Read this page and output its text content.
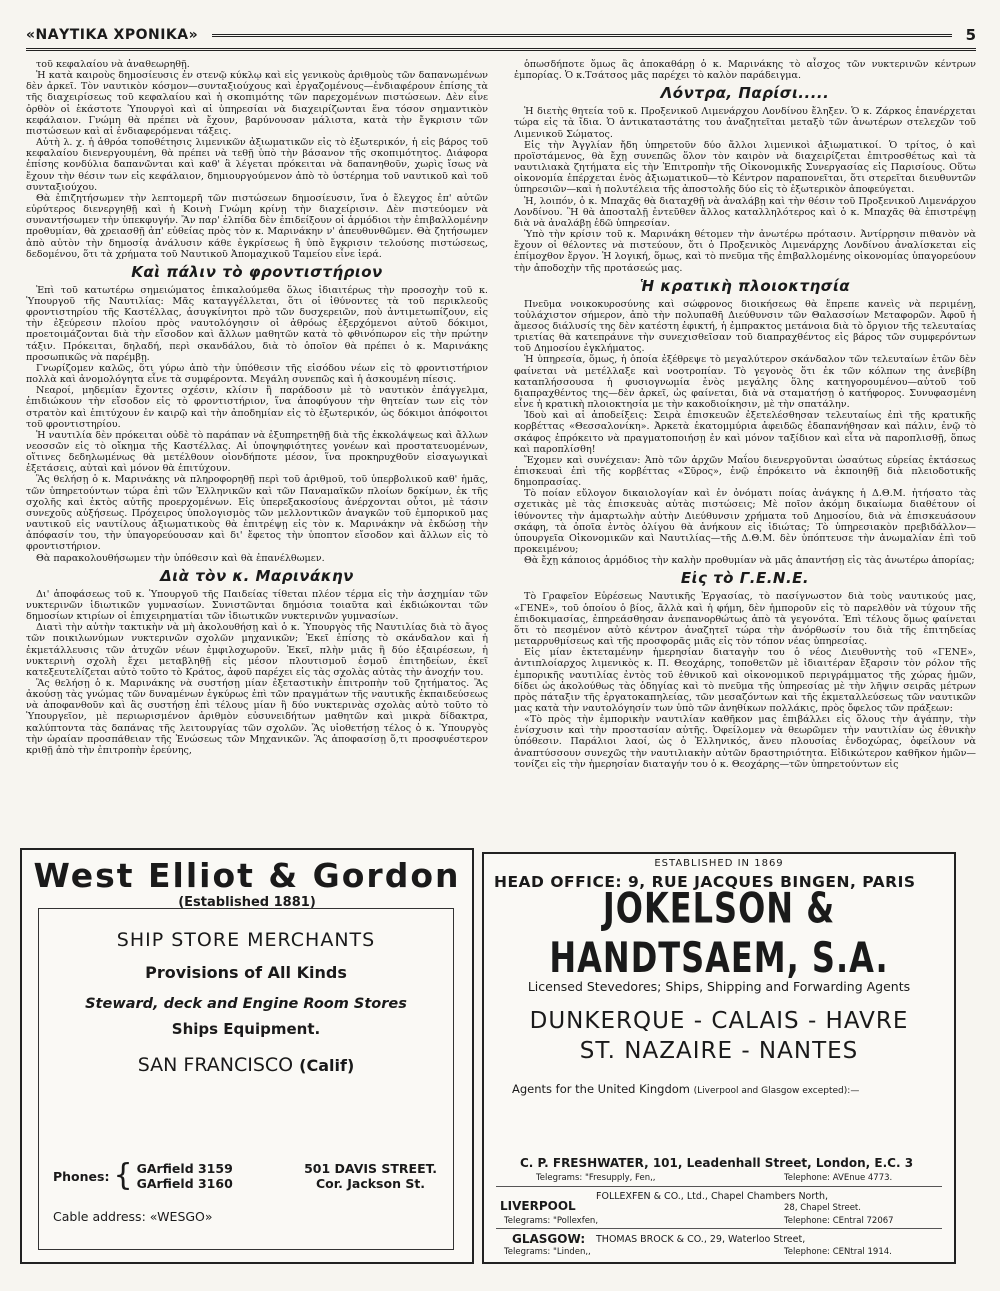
«ΝΑΥΤΙΚΑ ΧΡΟΝΙΚΑ»	5

τοῦ κεφαλαίου νὰ ἀναθεωρηθῇ.

Ἡ κατὰ καιροὺς δημοσίευσις ἐν στενῷ κύκλῳ καὶ εἰς γενικοὺς ἀριθμοὺς τῶν δαπανωμένων δὲν ἀρκεῖ. Τὸν ναυτικὸν κόσμον—συνταξιούχους καὶ ἐργαζομένους—ἐνδιαφέρουν ἐπίσης τὰ τῆς διαχειρίσεως τοῦ κεφαλαίου καὶ ἡ σκοπιμότης τῶν παρεχομένων πιστώσεων. Δὲν εἶνε ὀρθὸν οἱ ἑκάστοτε Ὑπουργοὶ καὶ αἱ ὑπηρεσίαι νὰ διαχειρίζωνται ἕνα τόσον σημαντικὸν κεφάλαιον. Γνώμη θὰ πρέπει νὰ ἔχουν, βαρύνουσαν μάλιστα, κατὰ τὴν ἔγκρισιν τῶν πιστώσεων καὶ αἱ ἐνδιαφερόμεναι τάξεις.

Αὐτὴ λ. χ. ἡ ἀθρόα τοποθέτησις λιμενικῶν ἀξιωματικῶν εἰς τὸ ἐξωτερικόν, ἡ εἰς βάρος τοῦ κεφαλαίου διενεργουμένη, θὰ πρέπει νὰ τεθῇ ὑπὸ τὴν βάσανον τῆς σκοπιμότητος. Διάφορα ἐπίσης κονδύλια δαπανῶνται καὶ καθ' ἃ λέγεται πρόκειται νὰ δαπανηθοῦν, χωρὶς ἴσως νὰ ἔχουν τὴν θέσιν των εἰς κεφάλαιον, δημιουργούμενον ἀπὸ τὸ ὑστέρημα τοῦ ναυτικοῦ καὶ τοῦ συνταξιούχου.

Θὰ ἐπιζητήσωμεν τὴν λεπτομερῆ τῶν πιστώσεων δημοσίευσιν, ἵνα ὁ ἔλεγχος ἐπ' αὐτῶν εὐρύτερος διενεργηθῇ καὶ ἡ Κοινὴ Γνώμη κρίνῃ τὴν διαχείρισιν. Δὲν πιστεύομεν νὰ συναντήσωμεν τὴν ὑπεκφυγήν. Ἂν παρ' ἐλπίδα δὲν ἐπιδείξουν οἱ ἁρμόδιοι τὴν ἐπιβαλλομένην προθυμίαν, θὰ χρειασθῇ ἀπ' εὐθείας πρὸς τὸν κ. Μαρινάκην ν' ἀπευθυνθῶμεν. Θὰ ζητήσωμεν ἀπὸ αὐτὸν τὴν δημοσίᾳ ἀνάλυσιν κάθε ἐγκρίσεως ἢ ὑπὸ ἔγκρισιν τελούσης πιστώσεως, δεδομένου, ὅτι τὰ χρήματα τοῦ Ναυτικοῦ Ἀπομαχικοῦ Ταμείου εἶνε ἱερά.

Καὶ πάλιν τὸ φροντιστήριον

Ἐπὶ τοῦ κατωτέρω σημειώματος ἐπικαλούμεθα ὅλως ἰδιαιτέρως τὴν προσοχὴν τοῦ κ. Ὑπουργοῦ τῆς Ναυτιλίας: Μᾶς καταγγέλλεται, ὅτι οἱ ἰθύνοντες τὰ τοῦ περικλεοῦς φροντιστηρίου τῆς Καστέλλας, ἀσυγκίνητοι πρὸ τῶν δυσχερειῶν, ποὺ ἀντιμετωπίζουν, εἰς τὴν ἐξεύρεσιν πλοίου πρὸς ναυτολόγησιν οἱ ἀθρόως ἐξερχόμενοι αὐτοῦ δόκιμοι, προετοιμάζονται διὰ τὴν εἴσοδον καὶ ἄλλων μαθητῶν κατὰ τὸ φθινόπωρον εἰς τὴν πρώτην τάξιν. Πρόκειται, δηλαδή, περὶ σκανδάλου, διὰ τὸ ὁποῖον θὰ πρέπει ὁ κ. Μαρινάκης προσωπικῶς νὰ παρέμβῃ.

Γνωρίζομεν καλῶς, ὅτι γύρω ἀπὸ τὴν ὑπόθεσιν τῆς εἰσόδου νέων εἰς τὸ φροντιστήριον πολλὰ καὶ ἀνομολόγητα εἶνε τὰ συμφέροντα. Μεγάλη συνεπῶς καὶ ἡ ἀσκουμένη πίεσις.

Νεαροί, μηδεμίαν ἔχοντες σχέσιν, κλίσιν ἢ παράδοσιν μὲ τὸ ναυτικὸν ἐπάγγελμα, ἐπιδιώκουν τὴν εἴσοδον εἰς τὸ φροντιστήριον, ἵνα ἀποφύγουν τὴν θητείαν των εἰς τὸν στρατὸν καὶ ἐπιτύχουν ἐν καιρῷ καὶ τὴν ἀποδημίαν εἰς τὸ ἐξωτερικόν, ὡς δόκιμοι ἀπόφοιτοι τοῦ φροντιστηρίου.

Ἡ ναυτιλία δὲν πρόκειται οὐδὲ τὸ παράπαν νὰ ἐξυπηρετηθῇ διὰ τῆς ἐκκολάψεως καὶ ἄλλων νεοσσῶν εἰς τὸ οἴκημα τῆς Καστέλλας. Αἱ ὑποψηφιότητες γονέων καὶ προστατευομένων, οἵτινες δεδηλωμένως θὰ μετέλθουν οἱονδήποτε μέσον, ἵνα προκηρυχθοῦν εἰσαγωγικαὶ ἐξετάσεις, αὐταὶ καὶ μόνον θὰ ἐπιτύχουν.

Ἂς θελήσῃ ὁ κ. Μαρινάκης νὰ πληροφορηθῇ περὶ τοῦ ἀριθμοῦ, τοῦ ὑπερβολικοῦ καθ' ἡμᾶς, τῶν ὑπηρετούντων τώρα ἐπὶ τῶν Ἑλληνικῶν καὶ τῶν Παναμαϊκῶν πλοίων δοκίμων, ἐκ τῆς σχολῆς καὶ ἐκτὸς αὐτῆς προερχομένων. Εἰς ὑπερεξακοσίους ἀνέρχονται οὗτοι, μὲ τάσιν συνεχοῦς αὐξήσεως. Πρόχειρος ὑπολογισμὸς τῶν μελλοντικῶν ἀναγκῶν τοῦ ἐμπορικοῦ μας ναυτικοῦ εἰς ναυτίλους ἀξιωματικοὺς θὰ ἐπιτρέψῃ εἰς τὸν κ. Μαρινάκην νὰ ἐκδώσῃ τὴν ἀπόφασίν του, τὴν ὑπαγορεύουσαν καὶ δι' ἔφετος τὴν ὑποπτον εἴσοδον καὶ ἄλλων εἰς τὸ φροντιστήριον.

Θὰ παρακολουθήσωμεν τὴν ὑπόθεσιν καὶ θὰ ἐπανέλθωμεν.

Διὰ τὸν κ. Μαρινάκην

Δι' ἀποφάσεως τοῦ κ. Ὑπουργοῦ τῆς Παιδείας τίθεται πλέον τέρμα εἰς τὴν ἀσχημίαν τῶν νυκτερινῶν ἰδιωτικῶν γυμνασίων. Συνιστῶνται δημόσια τοιαῦτα καὶ ἐκδιώκονται τῶν δημοσίων κτιρίων οἱ ἐπιχειρηματίαι τῶν ἰδιωτικῶν νυκτερινῶν γυμνασίων.

Διατὶ τὴν αὐτὴν τακτικὴν νὰ μὴ ἀκολουθήσῃ καὶ ὁ κ. Ὑπουργὸς τῆς Ναυτιλίας διὰ τὸ ἄγος τῶν ποικιλωνύμων νυκτερινῶν σχολῶν μηχανικῶν; Ἐκεῖ ἐπίσης τὸ σκάνδαλον καὶ ἡ ἐκμετάλλευσις τῶν ἀτυχῶν νέων ἐμφιλοχωροῦν. Ἐκεῖ, πλὴν μιᾶς ἢ δύο ἐξαιρέσεων, ἡ νυκτερινὴ σχολὴ ἔχει μεταβληθῇ εἰς μέσον πλουτισμοῦ ἐσμοῦ ἐπιτηδείων, ἐκεῖ κατεξευτελίζεται αὐτὸ τοῦτο τὸ Κράτος, ἀφοῦ παρέχει εἰς τὰς σχολὰς αὐτὰς τὴν ἀνοχήν του.

Ἂς θελήσῃ ὁ κ. Μαρινάκης νὰ συστήσῃ μίαν ἐξεταστικὴν ἐπιτροπὴν τοῦ ζητήματος. Ἂς ἀκούσῃ τὰς γνώμας τῶν δυναμένων ἐγκύρως ἐπὶ τῶν πραγμάτων τῆς ναυτικῆς ἐκπαιδεύσεως νὰ ἀποφανθοῦν καὶ ἂς συστήσῃ ἐπὶ τέλους μίαν ἢ δύο νυκτερινὰς σχολὰς αὐτὸ τοῦτο τὸ Ὑπουργεῖον, μὲ περιωρισμένον ἀριθμὸν εὐσυνειδήτων μαθητῶν καὶ μικρὰ δίδακτρα, καλύπτοντα τὰς δαπάνας τῆς λειτουργίας τῶν σχολῶν. Ἂς υἱοθετήσῃ τέλος ὁ κ. Ὑπουργὸς τὴν ὡραίαν προσπάθειαν τῆς Ἑνώσεως τῶν Μηχανικῶν. Ἂς ἀποφασίσῃ ὅ,τι προσφυέστερον κριθῇ ἀπὸ τὴν ἐπιτροπὴν ἐρεύνης,

ὁπωσδήποτε ὅμως ἂς ἀποκαθάρῃ ὁ κ. Μαρινάκης τὸ αἶσχος τῶν νυκτερινῶν κέντρων ἐμπορίας. Ὁ κ.Τσάτσος μᾶς παρέχει τὸ καλὸν παράδειγμα.

Λόντρα, Παρίσι.....

Ἡ διετὴς θητεία τοῦ κ. Προξενικοῦ Λιμενάρχου Λονδίνου ἔληξεν. Ὁ κ. Ζάρκος ἐπανέρχεται τώρα εἰς τὰ ἴδια. Ὁ ἀντικαταστάτης του ἀναζητεῖται μεταξὺ τῶν ἀνωτέρων στελεχῶν τοῦ Λιμενικοῦ Σώματος.

Εἰς τὴν Ἀγγλίαν ἤδη ὑπηρετοῦν δύο ἄλλοι λιμενικοὶ ἀξιωματικοί. Ὁ τρίτος, ὁ καὶ προϊστάμενος, θὰ ἔχῃ συνεπῶς ὅλον τὸν καιρὸν νὰ διαχειρίζεται ἐπιτροσθέτως καὶ τὰ ναυτιλιακὰ ζητήματα εἰς τὴν Ἐπιτροπὴν τῆς Οἰκονομικῆς Συνεργασίας εἰς Παρισίους. Οὕτω οἰκονομία ἐπέρχεται ἑνὸς ἀξιωματικοῦ—τὸ Κέντρον παραπονεῖται, ὅτι στερεῖται διευθυντῶν ὑπηρεσιῶν—καὶ ἡ πολυτέλεια τῆς ἀποστολῆς δύο εἰς τὸ ἐξωτερικὸν ἀποφεύγεται.

Ἡ, λοιπόν, ὁ κ. Μπαχᾶς θὰ διαταχθῇ νὰ ἀναλάβῃ καὶ τὴν θέσιν τοῦ Προξενικοῦ Λιμενάρχου Λονδίνου. Ἢ θὰ ἀποσταλῇ ἐντεῦθεν ἄλλος καταλληλότερος καὶ ὁ κ. Μπαχᾶς θὰ ἐπιστρέψῃ διὰ νὰ ἀναλάβῃ ἐδῶ ὑπηρεσίαν.

Ὑπὸ τὴν κρίσιν τοῦ κ. Μαρινάκη θέτομεν τὴν ἀνωτέρω πρότασιν. Ἀντίρρησιν πιθανὸν νὰ ἔχουν οἱ θέλοντες νὰ πιστεύουν, ὅτι ὁ Προξενικὸς Λιμενάρχης Λονδίνου ἀναλίσκεται εἰς ἐπίμοχθον ἔργον. Ἡ λογική, ὅμως, καὶ τὸ πνεῦμα τῆς ἐπιβαλλομένης οἰκονομίας ὑπαγορεύουν τὴν ἀποδοχὴν τῆς προτάσεώς μας.

Ἡ κρατικὴ πλοιοκτησία

Πνεῦμα νοικοκυροσύνης καὶ σώφρονος διοικήσεως θὰ ἔπρεπε κανεὶς νὰ περιμένῃ, τοὐλάχιστον σήμερον, ἀπὸ τὴν πολυπαθῆ Διεύθυνσιν τῶν Θαλασσίων Μεταφορῶν. Ἀφοῦ ἡ ἄμεσος διάλυσίς της δὲν κατέστη ἐφικτή, ἡ ἐμπρακτος μετάνοια διὰ τὸ ὄργιον τῆς τελευταίας τριετίας θὰ κατεπράυνε τὴν συνεχισθεῖσαν τοῦ διαπραχθέντος εἰς βάρος τῶν συμφερόντων τοῦ Δημοσίου ἐγκλήματος.

Ἡ ὑπηρεσία, ὅμως, ἡ ὁποία ἐξέθρεψε τὸ μεγαλύτερον σκάνδαλον τῶν τελευταίων ἐτῶν δὲν φαίνεται νὰ μετέλλαξε καὶ νοοτροπίαν. Τὸ γεγονὸς ὅτι ἐκ τῶν κόλπων της ἀνεβίβη καταπλήσσουσα ἡ φυσιογνωμία ἑνὸς μεγάλης ὅλης κατηγορουμένου—αὐτοῦ τοῦ διαπραχθέντος της—δὲν ἀρκεῖ, ὡς φαίνεται, διὰ νὰ σταματήσῃ ὁ κατήφορος. Συνυφασμένη εἶνε ἡ κρατικὴ πλοιοκτησία με τὴν κακοδιοίκησιν, μὲ τὴν σπατάλην.

Ἰδοὺ καὶ αἱ ἀποδείξεις: Σειρὰ ἐπισκευῶν ἐξετελέσθησαν τελευταίως ἐπὶ τῆς κρατικῆς κορβέττας «Θεσσαλονίκη». Ἀρκετὰ ἑκατομμύρια ἀφειδῶς ἐδαπανήθησαν καὶ πάλιν, ἐνῷ τὸ σκάφος ἐπρόκειτο νὰ πραγματοποιήσῃ ἐν καὶ μόνον ταξίδιον καὶ εἶτα νὰ παροπλισθῇ, ὅπως καὶ παροπλίσθη!

Ἔχομεν καὶ συνέχειαν: Ἀπὸ τῶν ἀρχῶν Μαΐου διενεργοῦνται ὡσαύτως εὐρείας ἐκτάσεως ἐπισκευαὶ ἐπὶ τῆς κορβέττας «Σῦρος», ἐνῷ ἐπρόκειτο νὰ ἐκποιηθῇ διὰ πλειοδοτικῆς δημοπρασίας.

Τὸ ποίαν εὔλογον δικαιολογίαν καὶ ἐν ὀνόματι ποίας ἀνάγκης ἡ Δ.Θ.Μ. ἠτήσατο τὰς σχετικὰς μὲ τὰς ἐπισκευὰς αὐτὰς πιστώσεις; Μὲ ποῖον ἀκόμη δικαίωμα διαθέτουν οἱ ἰθύνοντες τὴν ἀμαρτωλὴν αὐτὴν Διεύθυνσιν χρήματα τοῦ Δημοσίου, διὰ νὰ ἐπισκευάσουν σκάφη, τὰ ὁποῖα ἐντὸς ὀλίγου θὰ ἀνήκουν εἰς ἰδιώτας; Τὸ ὑπηρεσιακὸν πρεβιδάλλον—ὑπουργεῖα Οἰκονομικῶν καὶ Ναυτιλίας—τῆς Δ.Θ.Μ. δὲν ὑπόπτευσε τὴν ἀνωμαλίαν ἐπὶ τοῦ προκειμένου;

Θὰ ἔχῃ κάποιος ἁρμόδιος τὴν καλὴν προθυμίαν νὰ μᾶς ἀπαντήσῃ εἰς τὰς ἀνωτέρω ἀπορίας;

Εἰς τὸ Γ.Ε.Ν.Ε.

Τὸ Γραφεῖον Εὑρέσεως Ναυτικῆς Ἐργασίας, τὸ πασίγνωστον διὰ τοὺς ναυτικούς μας, «ΓΕΝΕ», τοῦ ὁποίου ὁ βίος, ἄλλὰ καὶ ἡ φήμη, δὲν ἡμποροῦν εἰς τὸ παρελθὸν νὰ τύχουν τῆς ἐπιδοκιμασίας, ἐπηρεάσθησαν ἀνεπανορθώτως ἀπὸ τὰ γεγονότα. Ἐπὶ τέλους ὅμως φαίνεται ὅτι τὸ πεσμένον αὐτὸ κέντρον ἀναζητεῖ τώρα τὴν ἀνόρθωσίν του διὰ τῆς ἐπιτηδείας μεταρρυθμίσεως καὶ τῆς προσφορᾶς μιᾶς εἰς τὸν τόπον νέας ὑπηρεσίας.

Εἰς μίαν ἐκτεταμένην ἡμερησίαν διαταγὴν του ὁ νέος Διευθυντὴς τοῦ «ΓΕΝΕ», ἀντιπλοίαρχος λιμενικὸς κ. Π. Θεοχάρης, τοποθετῶν μὲ ἰδιαιτέραν ἔξαρσιν τὸν ρόλον τῆς ἐμπορικῆς ναυτιλίας ἐντὸς τοῦ ἐθνικοῦ καὶ οἰκονομικοῦ περιγράμματος τῆς χώρας ἡμῶν, δίδει ὡς ἀκολούθως τὰς ὁδηγίας καὶ τὸ πνεῦμα τῆς ὑπηρεσίας μὲ τὴν λῆψιν σειρᾶς μέτρων πρὸς πάταξιν τῆς ἐργατοκαπηλείας, τῶν μεσαζόντων καὶ τῆς ἐκμεταλλεύσεως τῶν ναυτικῶν μας κατὰ τὴν ναυτολόγησίν των ὑπὸ τῶν ἀνηθίκων πολλάκις, πρὸς ὄφελος τῶν πράξεων:

«Τὸ πρὸς τὴν ἐμπορικὴν ναυτιλίαν καθῆκον μας ἐπιβάλλει εἰς ὅλους τὴν ἀγάπην, τὴν ἐνίσχυσιν καὶ τὴν προστασίαν αὐτῆς. Ὀφείλομεν νὰ θεωρῶμεν τὴν ναυτιλίαν ὡς ἐθνικὴν ὑπόθεσιν. Παράλιοι λαοί, ὡς ὁ Ἑλληνικός, ἄνευ πλουσίας ἐνδοχώρας, ὀφείλουν νὰ ἀναπτύσσουν συνεχῶς τὴν ναυτιλιακὴν αὐτῶν δραστηριότητα. Εἰδικώτερον καθῆκον ἡμῶν—τονίζει εἰς τὴν ἡμερησίαν διαταγήν του ὁ κ. Θεοχάρης—τῶν ὑπηρετούντων εἰς

West Elliot & Gordon
(Established 1881)
SHIP STORE MERCHANTS
Provisions of All Kinds
Steward, deck and Engine Room Stores
Ships Equipment.
SAN FRANCISCO (Calif)
Phones: { GArfield 3159
GArfield 3160
501 DAVIS STREET.
Cor. Jackson St.
Cable address: «WESGO»
ESTABLISHED IN 1869
HEAD OFFICE: 9, RUE JACQUES BINGEN, PARIS
JOKELSON & HANDTSAEM, S.A.
Licensed Stevedores; Ships, Shipping and Forwarding Agents
DUNKERQUE - CALAIS - HAVRE
ST. NAZAIRE - NANTES
Agents for the United Kingdom (Liverpool and Glasgow excepted):—
C. P. FRESHWATER, 101, Leadenhall Street, London, E.C. 3
Telegrams: "Fresupply, Fen,,	Telephone: AVEnue 4773.
LIVERPOOL
FOLLEXFEN & CO., Ltd., Chapel Chambers North,
28, Chapel Street.
Telegrams: "Pollexfen,	Telephone: CEntral 72067
GLASGOW: THOMAS BROCK & CO., 29, Waterloo Street,
Telegrams: "Linden,,	Telephone: CENtral 1914.
